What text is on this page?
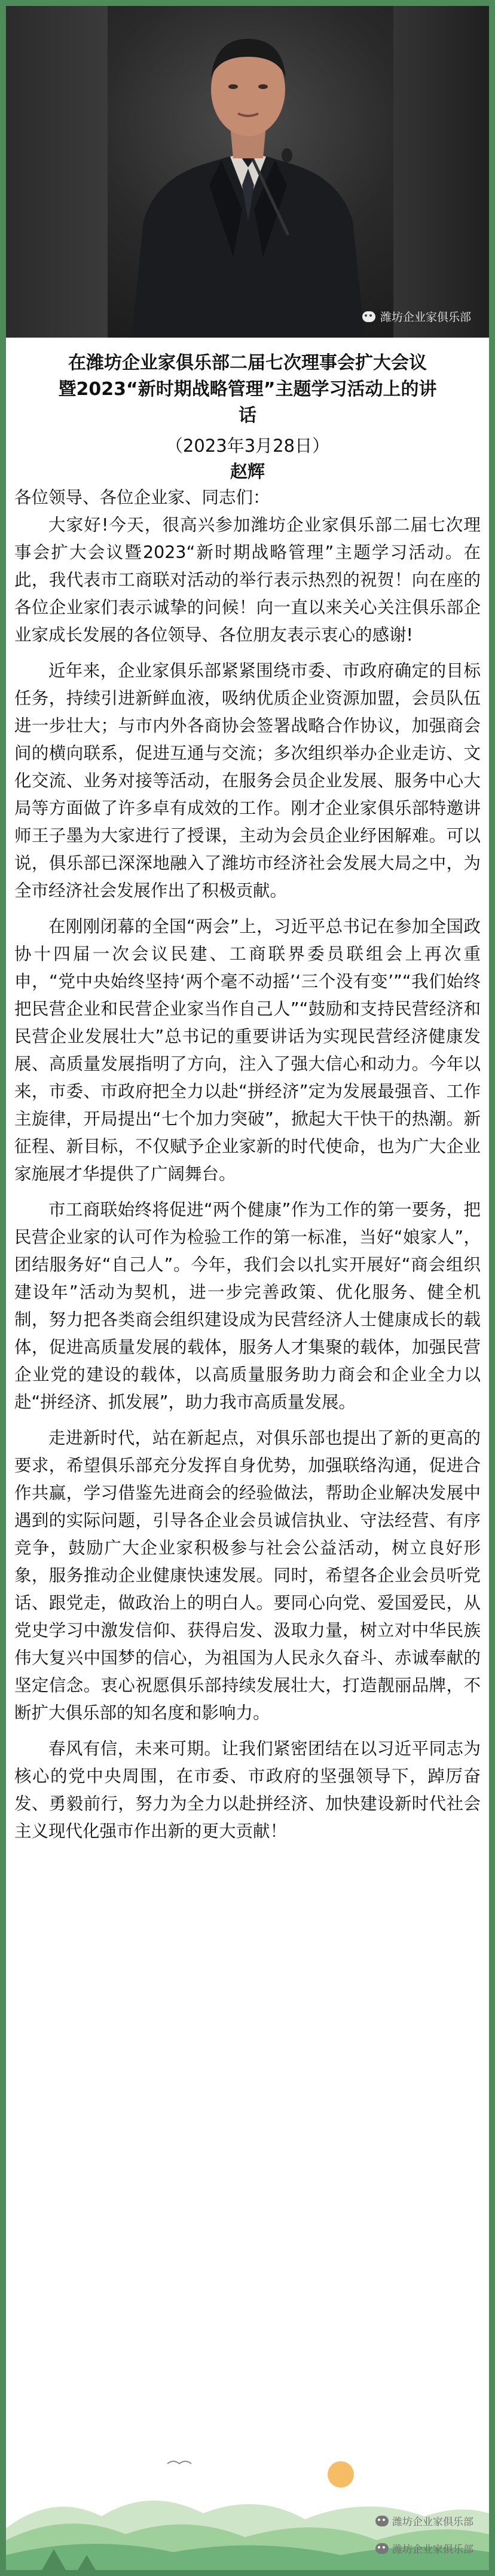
潍坊企业家俱乐部

在潍坊企业家俱乐部二届七次理事会扩大会议
暨2023“新时期战略管理”主题学习活动上的讲
话

（2023年3月28日）

赵辉

各位领导、各位企业家、同志们：

大家好!今天，很高兴参加潍坊企业家俱乐部二届七次理事会扩大会议暨2023“新时期战略管理”主题学习活动。在此，我代表市工商联对活动的举行表示热烈的祝贺！向在座的各位企业家们表示诚挚的问候！向一直以来关心关注俱乐部企业家成长发展的各位领导、各位朋友表示衷心的感谢!

近年来，企业家俱乐部紧紧围绕市委、市政府确定的目标任务，持续引进新鲜血液，吸纳优质企业资源加盟，会员队伍进一步壮大；与市内外各商协会签署战略合作协议，加强商会间的横向联系，促进互通与交流；多次组织举办企业走访、文化交流、业务对接等活动，在服务会员企业发展、服务中心大局等方面做了许多卓有成效的工作。刚才企业家俱乐部特邀讲师王子墨为大家进行了授课，主动为会员企业纾困解难。可以说，俱乐部已深深地融入了潍坊市经济社会发展大局之中，为全市经济社会发展作出了积极贡献。

在刚刚闭幕的全国“两会”上，习近平总书记在参加全国政协十四届一次会议民建、工商联界委员联组会上再次重申，“党中央始终坚持‘两个毫不动摇’‘三个没有变’”“我们始终把民营企业和民营企业家当作自己人”“鼓励和支持民营经济和民营企业发展壮大”总书记的重要讲话为实现民营经济健康发展、高质量发展指明了方向，注入了强大信心和动力。今年以来，市委、市政府把全力以赴“拼经济”定为发展最强音、工作主旋律，开局提出“七个加力突破”，掀起大干快干的热潮。新征程、新目标，不仅赋予企业家新的时代使命，也为广大企业家施展才华提供了广阔舞台。

市工商联始终将促进“两个健康”作为工作的第一要务，把民营企业家的认可作为检验工作的第一标准，当好“娘家人”，团结服务好“自己人”。今年，我们会以扎实开展好“商会组织建设年”活动为契机，进一步完善政策、优化服务、健全机制，努力把各类商会组织建设成为民营经济人士健康成长的载体，促进高质量发展的载体，服务人才集聚的载体，加强民营企业党的建设的载体，以高质量服务助力商会和企业全力以赴“拼经济、抓发展”，助力我市高质量发展。

走进新时代，站在新起点，对俱乐部也提出了新的更高的要求，希望俱乐部充分发挥自身优势，加强联络沟通，促进合作共赢，学习借鉴先进商会的经验做法，帮助企业解决发展中遇到的实际问题，引导各企业会员诚信执业、守法经营、有序竞争，鼓励广大企业家积极参与社会公益活动，树立良好形象，服务推动企业健康快速发展。同时，希望各企业会员听党话、跟党走，做政治上的明白人。要同心向党、爱国爱民，从党史学习中激发信仰、获得启发、汲取力量，树立对中华民族伟大复兴中国梦的信心，为祖国为人民永久奋斗、赤诚奉献的坚定信念。衷心祝愿俱乐部持续发展壮大，打造靓丽品牌，不断扩大俱乐部的知名度和影响力。

春风有信，未来可期。让我们紧密团结在以习近平同志为核心的党中央周围，在市委、市政府的坚强领导下，踔厉奋发、勇毅前行，努力为全力以赴拼经济、加快建设新时代社会主义现代化强市作出新的更大贡献！

潍坊企业家俱乐部
潍坊企业家俱乐部
